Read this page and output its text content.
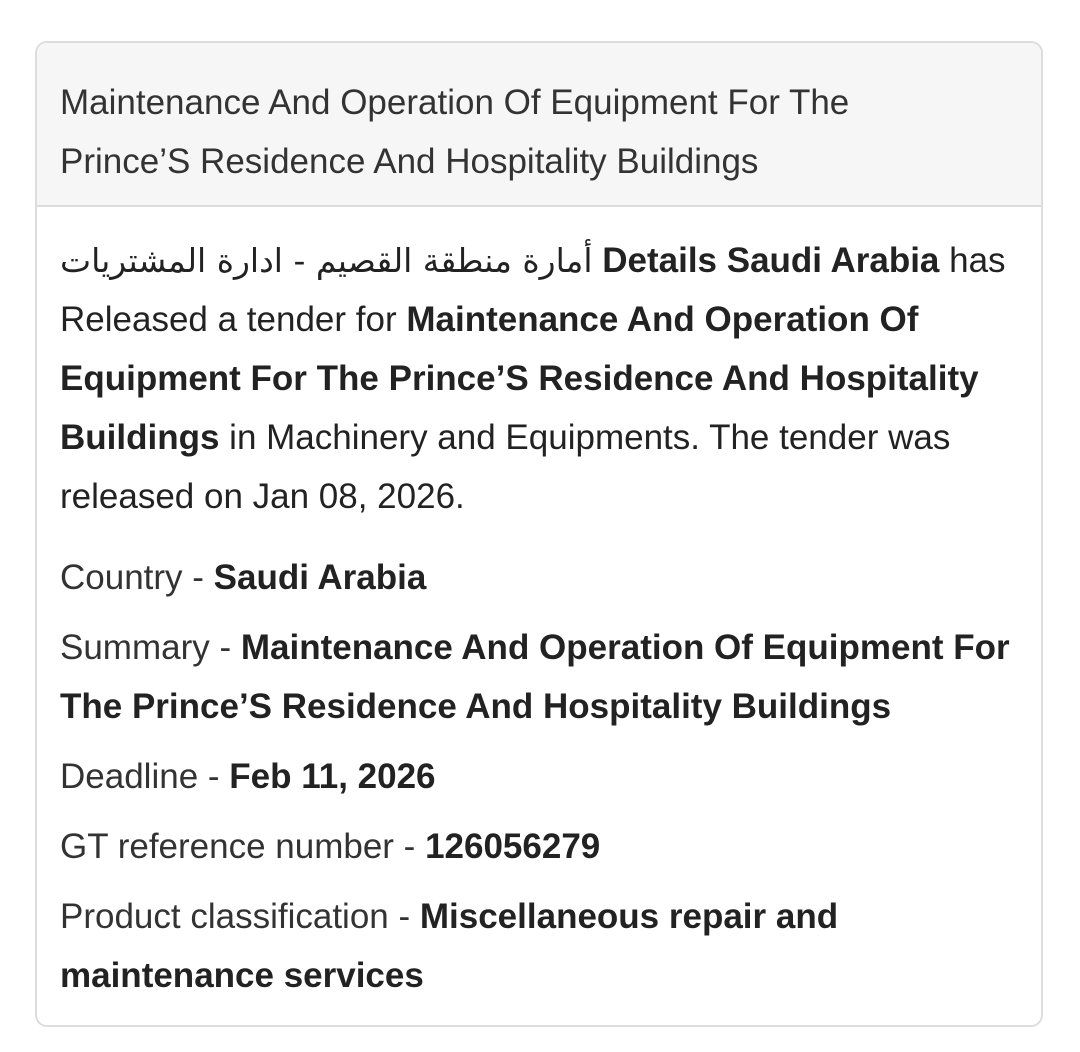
Maintenance And Operation Of Equipment For The
Prince’S Residence And Hospitality Buildings

أمارة منطقة القصيم - ادارة المشتريات Details Saudi Arabia has Released a tender for Maintenance And Operation Of Equipment For The Prince’S Residence And Hospitality Buildings in Machinery and Equipments. The tender was released on Jan 08, 2026.

Country - Saudi Arabia
Summary - Maintenance And Operation Of Equipment For The Prince’S Residence And Hospitality Buildings
Deadline - Feb 11, 2026
GT reference number - 126056279
Product classification - Miscellaneous repair and maintenance services
